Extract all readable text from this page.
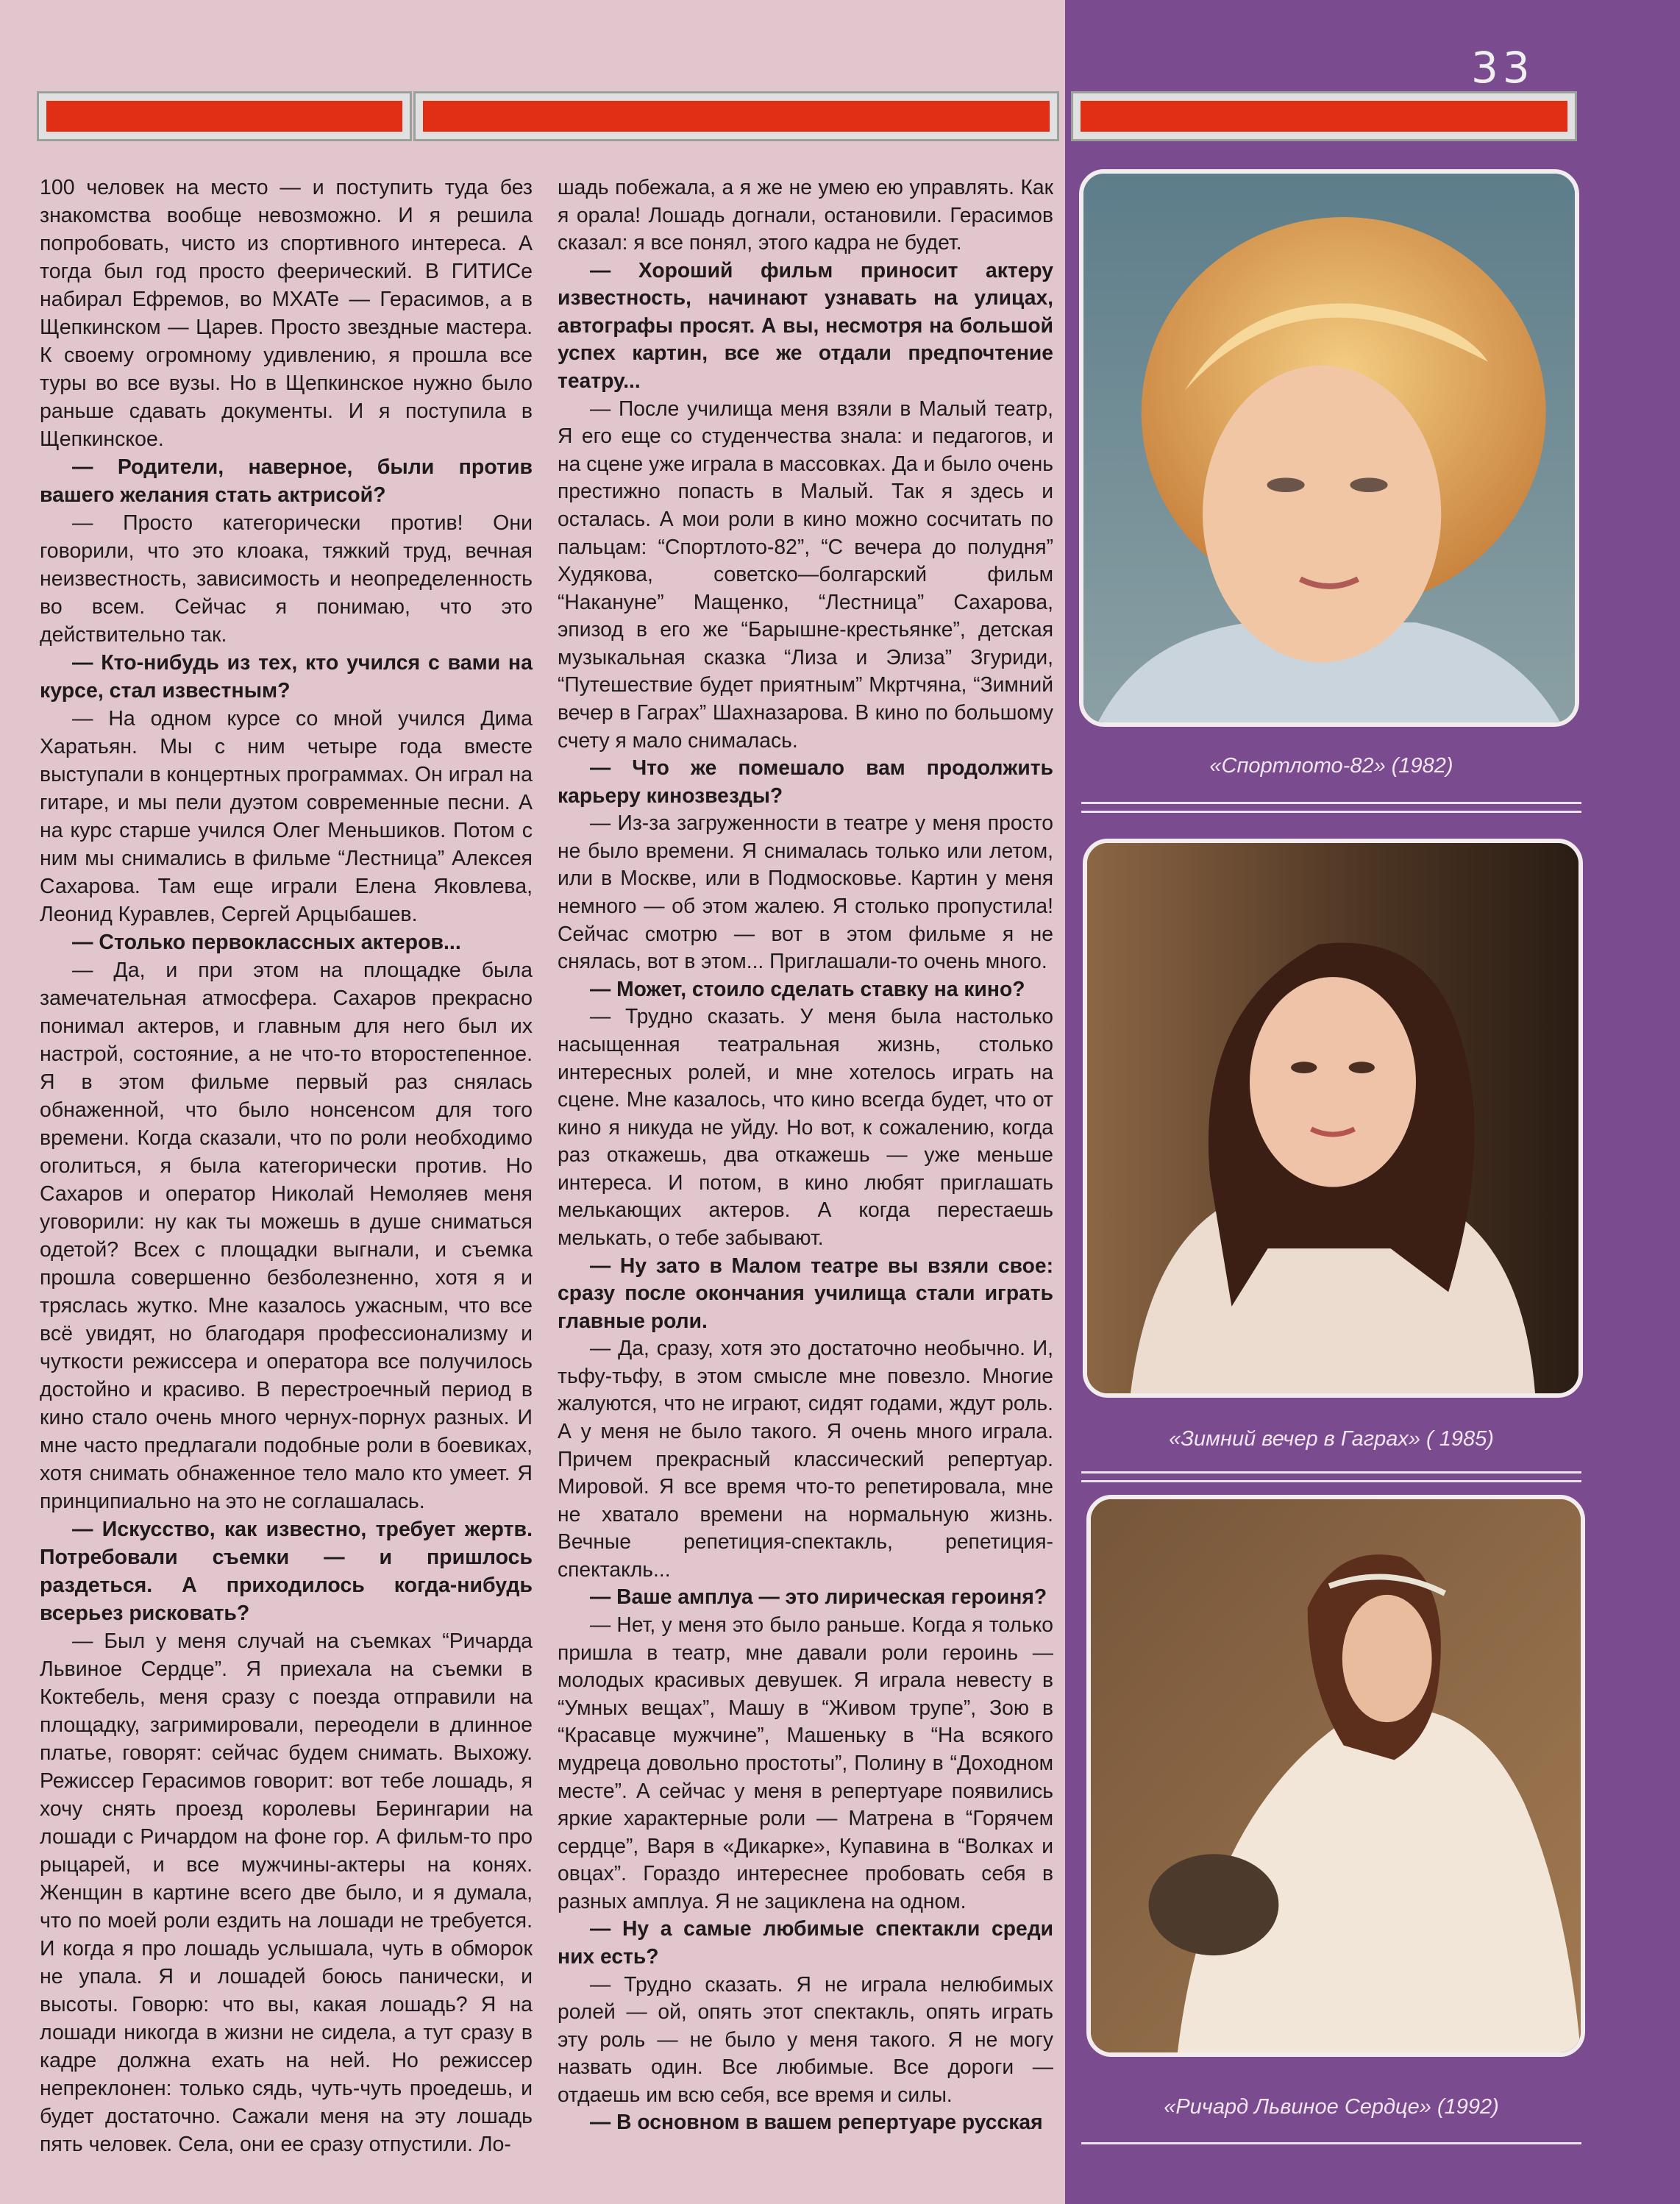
33

100 человек на место — и поступить туда без знакомства вообще невозможно. И я решила попробовать, чисто из спортивного интереса. А тогда был год просто феерический. В ГИТИСе набирал Ефремов, во МХАТе — Герасимов, а в Щепкинском — Царев. Просто звездные мастера. К своему огромному удивлению, я прошла все туры во все вузы. Но в Щепкинское нужно было раньше сдавать документы. И я поступила в Щепкинское.

— Родители, наверное, были против вашего желания стать актрисой?

— Просто категорически против! Они говорили, что это клоака, тяжкий труд, вечная неизвестность, зависимость и неопределенность во всем. Сейчас я понимаю, что это действительно так.

— Кто-нибудь из тех, кто учился с вами на курсе, стал известным?

— На одном курсе со мной учился Дима Харатьян. Мы с ним четыре года вместе выступали в концертных программах. Он играл на гитаре, и мы пели дуэтом современные песни. А на курс старше учился Олег Меньшиков. Потом с ним мы снимались в фильме “Лестница” Алексея Сахарова. Там еще играли Елена Яковлева, Леонид Куравлев, Сергей Арцыбашев.

— Столько первоклассных актеров...

— Да, и при этом на площадке была замечательная атмосфера. Сахаров прекрасно понимал актеров, и главным для него был их настрой, состояние, а не что-то второстепенное. Я в этом фильме первый раз снялась обнаженной, что было нонсенсом для того времени. Когда сказали, что по роли необходимо оголиться, я была категорически против. Но Сахаров и оператор Николай Немоляев меня уговорили: ну как ты можешь в душе сниматься одетой? Всех с площадки выгнали, и съемка прошла совершенно безболезненно, хотя я и тряслась жутко. Мне казалось ужасным, что все всё увидят, но благодаря профессионализму и чуткости режиссера и оператора все получилось достойно и красиво. В перестроечный период в кино стало очень много чернух-порнух разных. И мне часто предлагали подобные роли в боевиках, хотя снимать обнаженное тело мало кто умеет. Я принципиально на это не соглашалась.

— Искусство, как известно, требует жертв. Потребовали съемки — и пришлось раздеться. А приходилось когда-нибудь всерьез рисковать?

— Был у меня случай на съемках “Ричарда Львиное Сердце”. Я приехала на съемки в Коктебель, меня сразу с поезда отправили на площадку, загримировали, переодели в длинное платье, говорят: сейчас будем снимать. Выхожу. Режиссер Герасимов говорит: вот тебе лошадь, я хочу снять проезд королевы Берингарии на лошади с Ричардом на фоне гор. А фильм-то про рыцарей, и все мужчины-актеры на конях. Женщин в картине всего две было, и я думала, что по моей роли ездить на лошади не требуется. И когда я про лошадь услышала, чуть в обморок не упала. Я и лошадей боюсь панически, и высоты. Говорю: что вы, какая лошадь? Я на лошади никогда в жизни не сидела, а тут сразу в кадре должна ехать на ней. Но режиссер непреклонен: только сядь, чуть-чуть проедешь, и будет достаточно. Сажали меня на эту лошадь пять человек. Села, они ее сразу отпустили. Ло-

шадь побежала, а я же не умею ею управлять. Как я орала! Лошадь догнали, остановили. Герасимов сказал: я все понял, этого кадра не будет.

— Хороший фильм приносит актеру известность, начинают узнавать на улицах, автографы просят. А вы, несмотря на большой успех картин, все же отдали предпочтение театру...

— После училища меня взяли в Малый театр, Я его еще со студенчества знала: и педагогов, и на сцене уже играла в массовках. Да и было очень престижно попасть в Малый. Так я здесь и осталась. А мои роли в кино можно сосчитать по пальцам: “Спортлото-82”, “С вечера до полудня” Худякова, советско—болгарский фильм “Накануне” Мащенко, “Лестница” Сахарова, эпизод в его же “Барышне-крестьянке”, детская музыкальная сказка “Лиза и Элиза” Згуриди, “Путешествие будет приятным” Мкртчяна, “Зимний вечер в Гаграх” Шахназарова. В кино по большому счету я мало снималась.

— Что же помешало вам продолжить карьеру кинозвезды?

— Из-за загруженности в театре у меня просто не было времени. Я снималась только или летом, или в Москве, или в Подмосковье. Картин у меня немного — об этом жалею. Я столько пропустила! Сейчас смотрю — вот в этом фильме я не снялась, вот в этом... Приглашали-то очень много.

— Может, стоило сделать ставку на кино?

— Трудно сказать. У меня была настолько насыщенная театральная жизнь, столько интересных ролей, и мне хотелось играть на сцене. Мне казалось, что кино всегда будет, что от кино я никуда не уйду. Но вот, к сожалению, когда раз откажешь, два откажешь — уже меньше интереса. И потом, в кино любят приглашать мелькающих актеров. А когда перестаешь мелькать, о тебе забывают.

— Ну зато в Малом театре вы взяли свое: сразу после окончания училища стали играть главные роли.

— Да, сразу, хотя это достаточно необычно. И, тьфу-тьфу, в этом смысле мне повезло. Многие жалуются, что не играют, сидят годами, ждут роль. А у меня не было такого. Я очень много играла. Причем прекрасный классический репертуар. Мировой. Я все время что-то репетировала, мне не хватало времени на нормальную жизнь. Вечные репетиция-спектакль, репетиция-спектакль...

— Ваше амплуа — это лирическая героиня?

— Нет, у меня это было раньше. Когда я только пришла в театр, мне давали роли героинь — молодых красивых девушек. Я играла невесту в “Умных вещах”, Машу в “Живом трупе”, Зою в “Красавце мужчине”, Машеньку в “На всякого мудреца довольно простоты”, Полину в “Доходном месте”. А сейчас у меня в репертуаре появились яркие характерные роли — Матрена в “Горячем сердце”, Варя в «Дикарке», Купавина в “Волках и овцах”. Гораздо интереснее пробовать себя в разных амплуа. Я не зациклена на одном.

— Ну а самые любимые спектакли среди них есть?

— Трудно сказать. Я не играла нелюбимых ролей — ой, опять этот спектакль, опять играть эту роль — не было у меня такого. Я не могу назвать один. Все любимые. Все дороги — отдаешь им всю себя, все время и силы.

— В основном в вашем репертуаре русская

«Спортлото-82» (1982)
«Зимний вечер в Гаграх» ( 1985)
«Ричард Львиное Сердце» (1992)
